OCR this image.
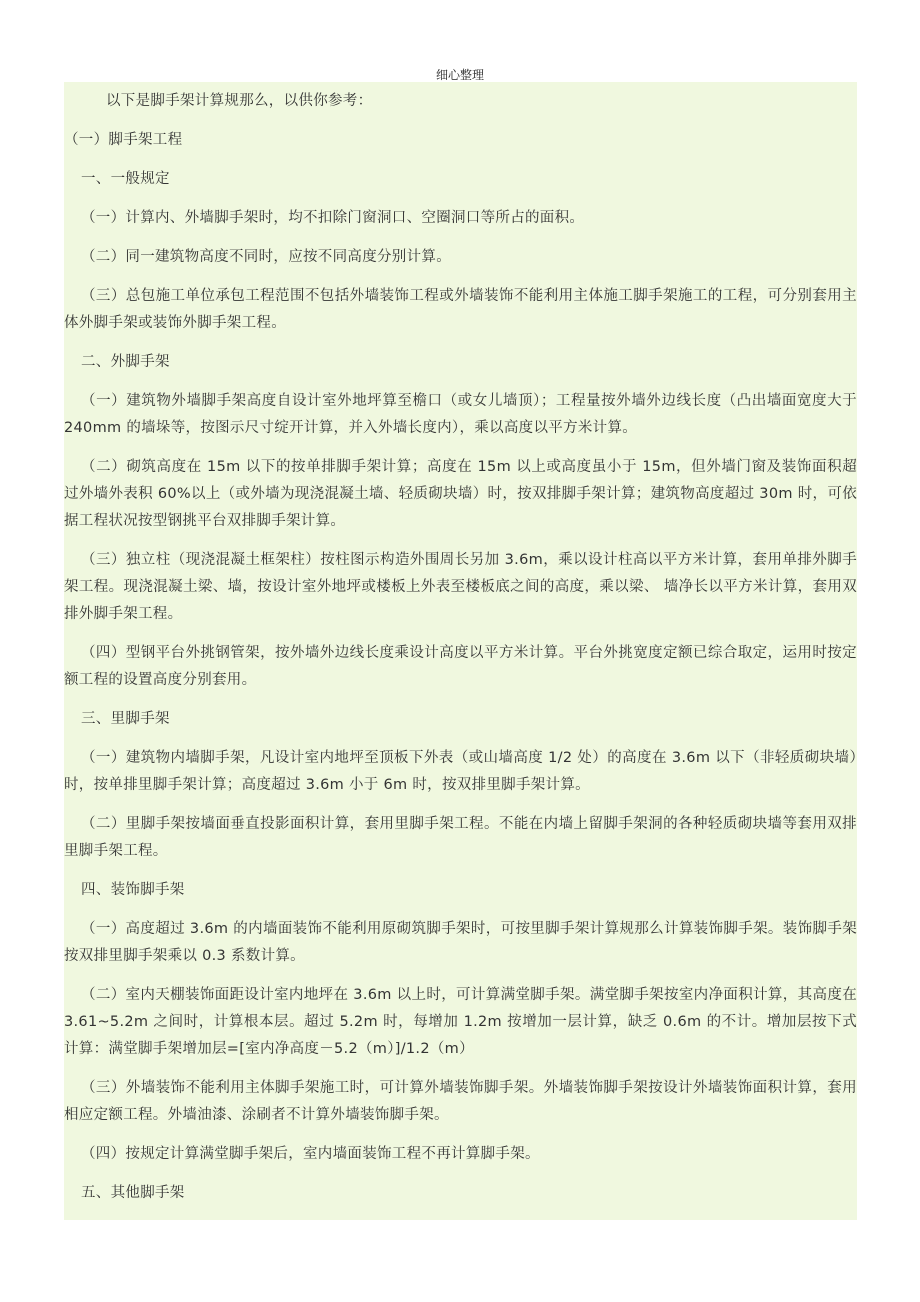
细心整理

以下是脚手架计算规那么，以供你参考：

（一）脚手架工程

一、一般规定

（一）计算内、外墙脚手架时，均不扣除门窗洞口、空圈洞口等所占的面积。

（二）同一建筑物高度不同时，应按不同高度分别计算。

（三）总包施工单位承包工程范围不包括外墙装饰工程或外墙装饰不能利用主体施工脚手架施工的工程，可分别套用主体外脚手架或装饰外脚手架工程。

二、外脚手架

（一）建筑物外墙脚手架高度自设计室外地坪算至檐口（或女儿墙顶）；工程量按外墙外边线长度（凸出墙面宽度大于 240mm 的墙垛等，按图示尺寸绽开计算，并入外墙长度内），乘以高度以平方米计算。

（二）砌筑高度在 15m 以下的按单排脚手架计算；高度在 15m 以上或高度虽小于 15m，但外墙门窗及装饰面积超过外墙外表积 60%以上（或外墙为现浇混凝土墙、轻质砌块墙）时，按双排脚手架计算；建筑物高度超过 30m 时，可依据工程状况按型钢挑平台双排脚手架计算。

（三）独立柱（现浇混凝土框架柱）按柱图示构造外围周长另加 3.6m，乘以设计柱高以平方米计算，套用单排外脚手架工程。现浇混凝土梁、墙，按设计室外地坪或楼板上外表至楼板底之间的高度，乘以梁、 墙净长以平方米计算，套用双排外脚手架工程。

（四）型钢平台外挑钢管架，按外墙外边线长度乘设计高度以平方米计算。平台外挑宽度定额已综合取定，运用时按定额工程的设置高度分别套用。

三、里脚手架

（一）建筑物内墙脚手架，凡设计室内地坪至顶板下外表（或山墙高度 1/2 处）的高度在 3.6m 以下（非轻质砌块墙）时，按单排里脚手架计算；高度超过 3.6m 小于 6m 时，按双排里脚手架计算。

（二）里脚手架按墙面垂直投影面积计算，套用里脚手架工程。不能在内墙上留脚手架洞的各种轻质砌块墙等套用双排里脚手架工程。

四、装饰脚手架

（一）高度超过 3.6m 的内墙面装饰不能利用原砌筑脚手架时，可按里脚手架计算规那么计算装饰脚手架。装饰脚手架按双排里脚手架乘以 0.3 系数计算。

（二）室内天棚装饰面距设计室内地坪在 3.6m 以上时，可计算满堂脚手架。满堂脚手架按室内净面积计算，其高度在 3.61~5.2m 之间时，计算根本层。超过 5.2m 时，每增加 1.2m 按增加一层计算，缺乏 0.6m 的不计。增加层按下式计算：满堂脚手架增加层=[室内净高度－5.2（m）]/1.2（m）

（三）外墙装饰不能利用主体脚手架施工时，可计算外墙装饰脚手架。外墙装饰脚手架按设计外墙装饰面积计算，套用相应定额工程。外墙油漆、涂刷者不计算外墙装饰脚手架。

（四）按规定计算满堂脚手架后，室内墙面装饰工程不再计算脚手架。

五、其他脚手架
